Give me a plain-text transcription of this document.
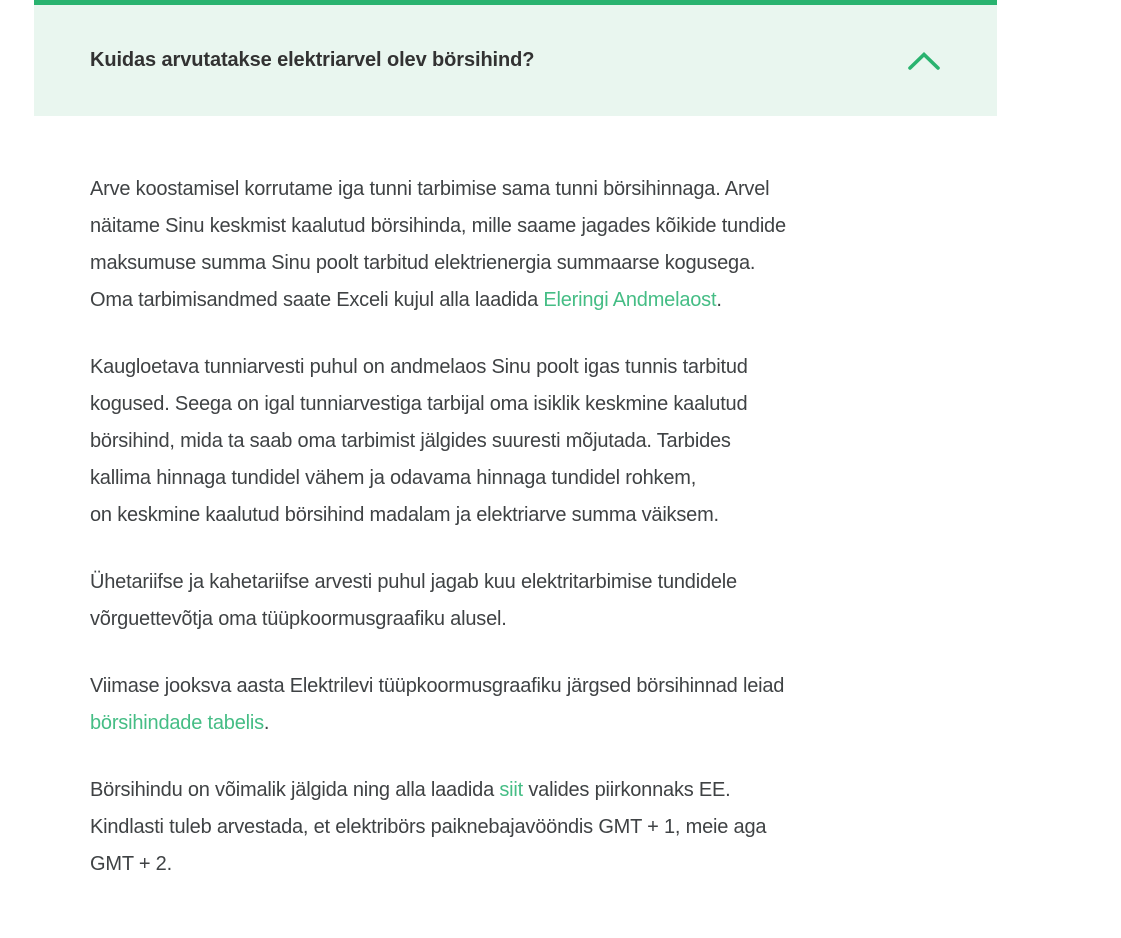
Kuidas arvutatakse elektriarvel olev börsihind?

Arve koostamisel korrutame iga tunni tarbimise sama tunni börsihinnaga. Arvel
näitame Sinu keskmist kaalutud börsihinda, mille saame jagades kõikide tundide
maksumuse summa Sinu poolt tarbitud elektrienergia summaarse kogusega.
Oma tarbimisandmed saate Exceli kujul alla laadida Eleringi Andmelaost.

Kaugloetava tunniarvesti puhul on andmelaos Sinu poolt igas tunnis tarbitud
kogused. Seega on igal tunniarvestiga tarbijal oma isiklik keskmine kaalutud
börsihind, mida ta saab oma tarbimist jälgides suuresti mõjutada. Tarbides
kallima hinnaga tundidel vähem ja odavama hinnaga tundidel rohkem,
on keskmine kaalutud börsihind madalam ja elektriarve summa väiksem.

Ühetariifse ja kahetariifse arvesti puhul jagab kuu elektritarbimise tundidele
võrguettevõtja oma tüüpkoormusgraafiku alusel.

Viimase jooksva aasta Elektrilevi tüüpkoormusgraafiku järgsed börsihinnad leiad
börsihindade tabelis.

Börsihindu on võimalik jälgida ning alla laadida siit valides piirkonnaks EE.
Kindlasti tuleb arvestada, et elektribörs paiknebajavööndis GMT + 1, meie aga
GMT + 2.
